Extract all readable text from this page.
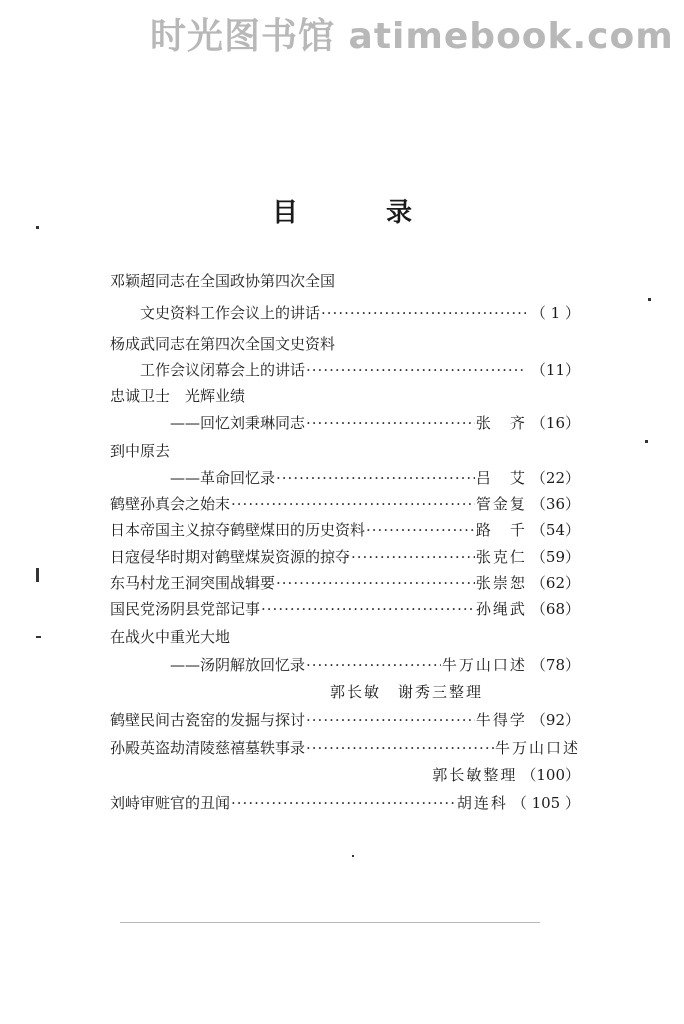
时光图书馆 atimebook.com
目	录
邓颖超同志在全国政协第四次全国
文史资料工作会议上的讲话 ·····	（ 1 ）
杨成武同志在第四次全国文史资料
工作会议闭幕会上的讲话 ·····	（11）
忠诚卫士　光辉业绩
——回忆刘秉琳同志 ·····	张　齐 （16）
到中原去
——革命回忆录 ·····	吕　艾 （22）
鹤壁孙真会之始末 ·····	管金复 （36）
日本帝国主义掠夺鹤壁煤田的历史资料 ·····	路　千 （54）
日寇侵华时期对鹤壁煤炭资源的掠夺 ·····	张克仁 （59）
东马村龙王洞突围战辑要 ·····	张崇恕 （62）
国民党汤阴县党部记事 ·····	孙绳武 （68）
在战火中重光大地
——汤阴解放回忆录 ·····	牛万山口述 （78）
郭长敏　谢秀三整理
鹤壁民间古瓷窑的发掘与探讨 ·····	牛得学 （92）
孙殿英盗劫清陵慈禧墓轶事录 ·····	牛万山口述
郭长敏整理 （100）
刘峙审赃官的丑闻 ·····	胡连科 （ 105 ）
